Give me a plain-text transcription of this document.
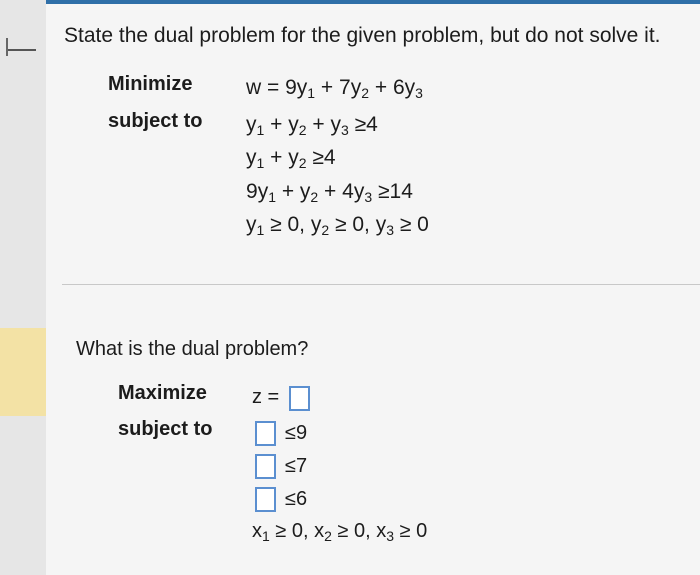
State the dual problem for the given problem, but do not solve it.
Minimize
subject to
$w = 9y_1 + 7y_2 + 6y_3$
$y_1 + y_2 + y_3 \ge 4$
$y_1 + y_2 \ge 4$
$9y_1 + y_2 + 4y_3 \ge 14$
$y_1 \ge 0$, $y_2 \ge 0$, $y_3 \ge 0$
What is the dual problem?
Maximize
subject to
z =
≤9
≤7
≤6
$x_1 \ge 0$, $x_2 \ge 0$, $x_3 \ge 0$
